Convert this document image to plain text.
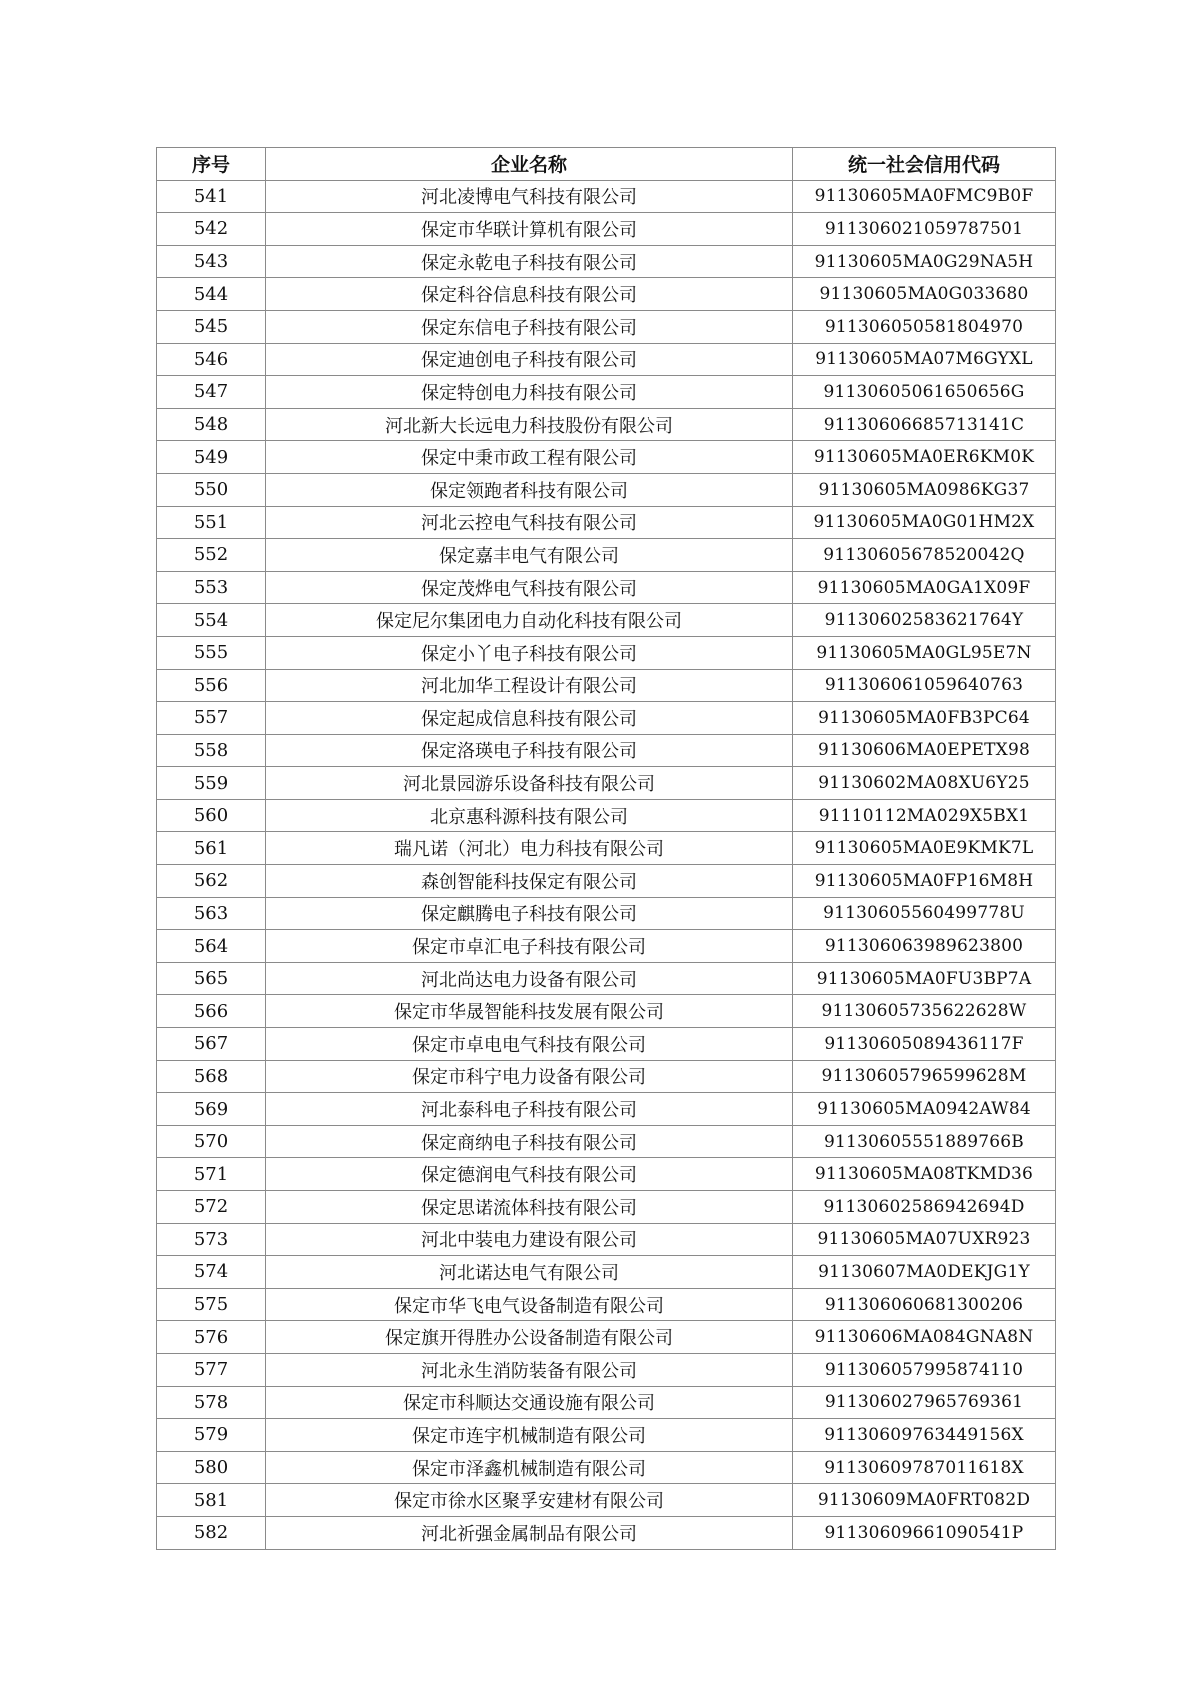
序号	企业名称	统一社会信用代码
541	河北凌博电气科技有限公司	91130605MA0FMC9B0F
542	保定市华联计算机有限公司	911306021059787501
543	保定永乾电子科技有限公司	91130605MA0G29NA5H
544	保定科谷信息科技有限公司	91130605MA0G033680
545	保定东信电子科技有限公司	911306050581804970
546	保定迪创电子科技有限公司	91130605MA07M6GYXL
547	保定特创电力科技有限公司	91130605061650656G
548	河北新大长远电力科技股份有限公司	91130606685713141C
549	保定中秉市政工程有限公司	91130605MA0ER6KM0K
550	保定领跑者科技有限公司	91130605MA0986KG37
551	河北云控电气科技有限公司	91130605MA0G01HM2X
552	保定嘉丰电气有限公司	91130605678520042Q
553	保定茂烨电气科技有限公司	91130605MA0GA1X09F
554	保定尼尔集团电力自动化科技有限公司	91130602583621764Y
555	保定小丫电子科技有限公司	91130605MA0GL95E7N
556	河北加华工程设计有限公司	911306061059640763
557	保定起成信息科技有限公司	91130605MA0FB3PC64
558	保定洛瑛电子科技有限公司	91130606MA0EPETX98
559	河北景园游乐设备科技有限公司	91130602MA08XU6Y25
560	北京惠科源科技有限公司	91110112MA029X5BX1
561	瑞凡诺（河北）电力科技有限公司	91130605MA0E9KMK7L
562	森创智能科技保定有限公司	91130605MA0FP16M8H
563	保定麒腾电子科技有限公司	91130605560499778U
564	保定市卓汇电子科技有限公司	911306063989623800
565	河北尚达电力设备有限公司	91130605MA0FU3BP7A
566	保定市华晟智能科技发展有限公司	91130605735622628W
567	保定市卓电电气科技有限公司	91130605089436117F
568	保定市科宁电力设备有限公司	91130605796599628M
569	河北泰科电子科技有限公司	91130605MA0942AW84
570	保定商纳电子科技有限公司	91130605551889766B
571	保定德润电气科技有限公司	91130605MA08TKMD36
572	保定思诺流体科技有限公司	91130602586942694D
573	河北中装电力建设有限公司	91130605MA07UXR923
574	河北诺达电气有限公司	91130607MA0DEKJG1Y
575	保定市华飞电气设备制造有限公司	911306060681300206
576	保定旗开得胜办公设备制造有限公司	91130606MA084GNA8N
577	河北永生消防装备有限公司	911306057995874110
578	保定市科顺达交通设施有限公司	911306027965769361
579	保定市连宇机械制造有限公司	91130609763449156X
580	保定市泽鑫机械制造有限公司	91130609787011618X
581	保定市徐水区聚孚安建材有限公司	91130609MA0FRT082D
582	河北祈强金属制品有限公司	91130609661090541P
